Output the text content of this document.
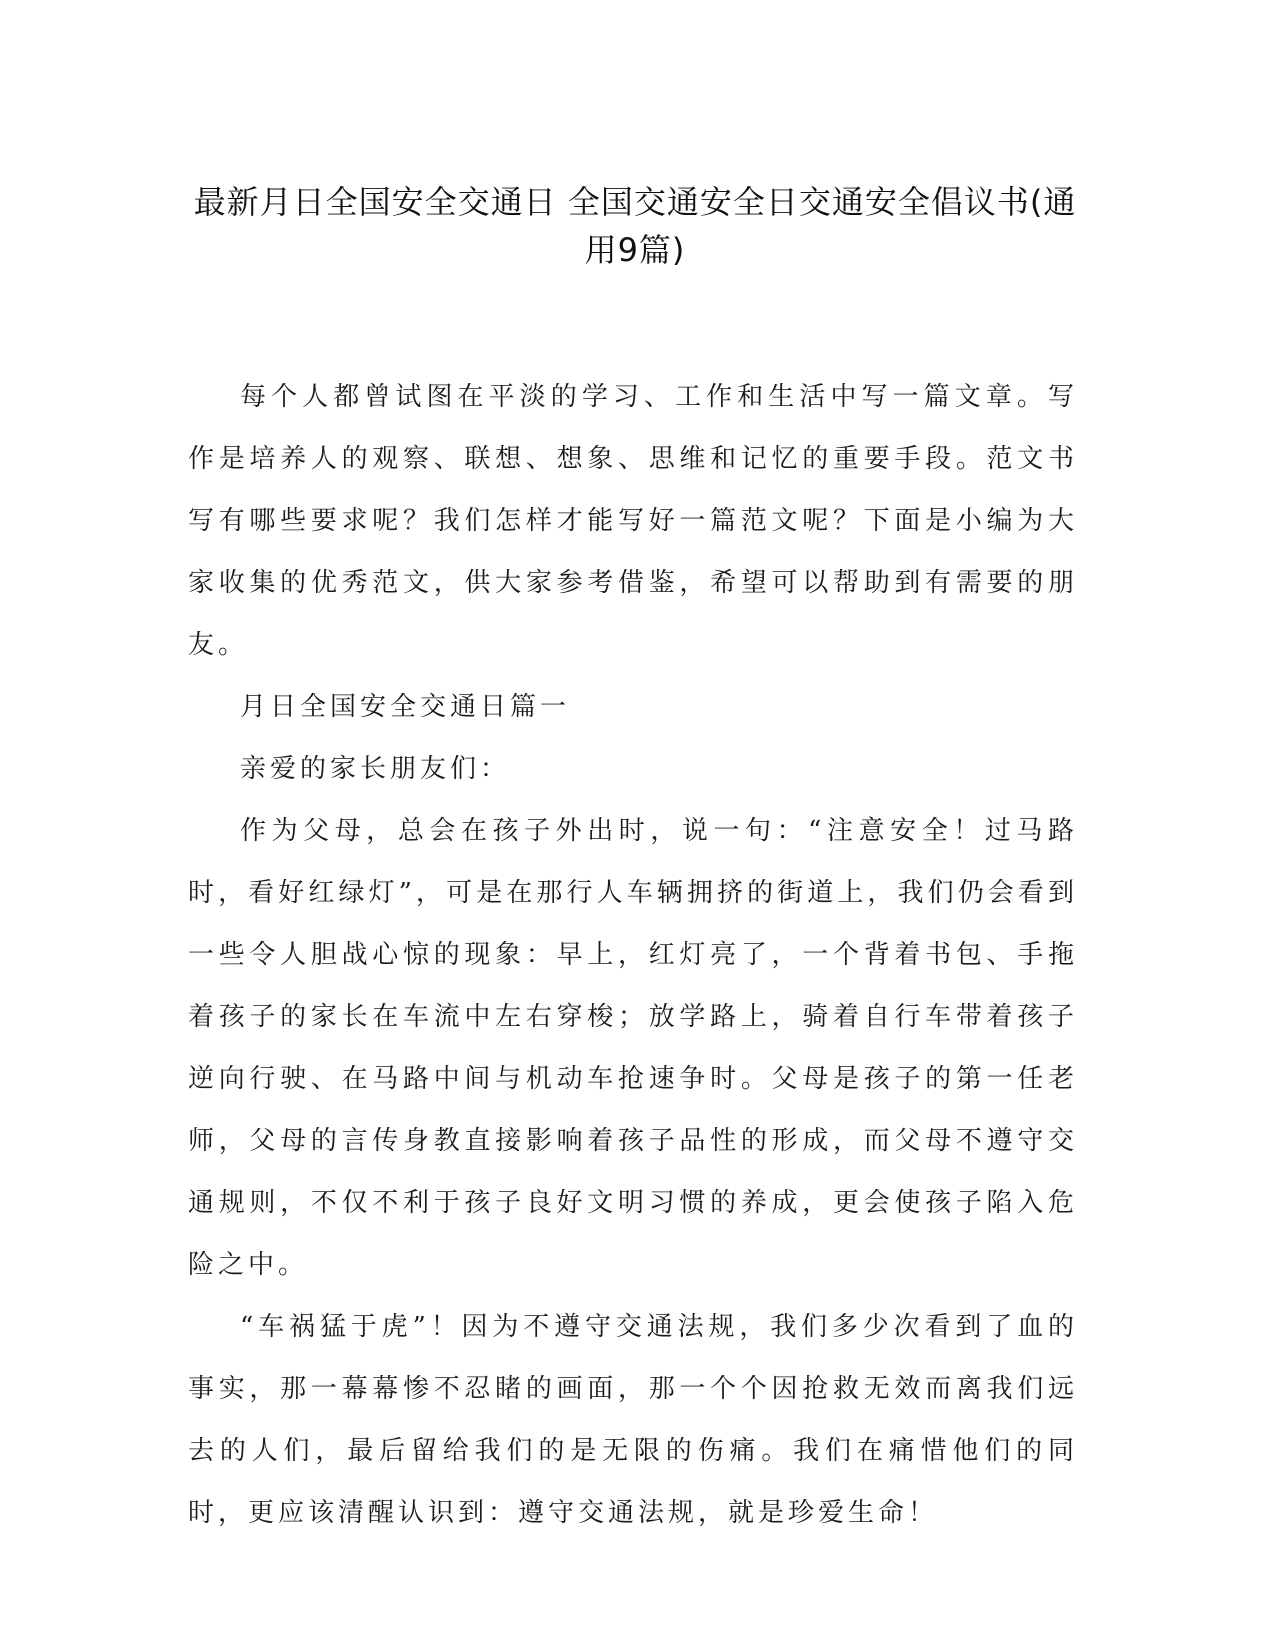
最新月日全国安全交通日 全国交通安全日交通安全倡议书(通用9篇)

每个人都曾试图在平淡的学习、工作和生活中写一篇文章。写作是培养人的观察、联想、想象、思维和记忆的重要手段。范文书写有哪些要求呢？我们怎样才能写好一篇范文呢？下面是小编为大家收集的优秀范文，供大家参考借鉴，希望可以帮助到有需要的朋友。

月日全国安全交通日篇一

亲爱的家长朋友们：

作为父母，总会在孩子外出时，说一句：“注意安全！过马路时，看好红绿灯”，可是在那行人车辆拥挤的街道上，我们仍会看到一些令人胆战心惊的现象：早上，红灯亮了，一个背着书包、手拖着孩子的家长在车流中左右穿梭；放学路上，骑着自行车带着孩子逆向行驶、在马路中间与机动车抢速争时。父母是孩子的第一任老师，父母的言传身教直接影响着孩子品性的形成，而父母不遵守交通规则，不仅不利于孩子良好文明习惯的养成，更会使孩子陷入危险之中。

“车祸猛于虎”！因为不遵守交通法规，我们多少次看到了血的事实，那一幕幕惨不忍睹的画面，那一个个因抢救无效而离我们远去的人们，最后留给我们的是无限的伤痛。我们在痛惜他们的同时，更应该清醒认识到：遵守交通法规，就是珍爱生命！
